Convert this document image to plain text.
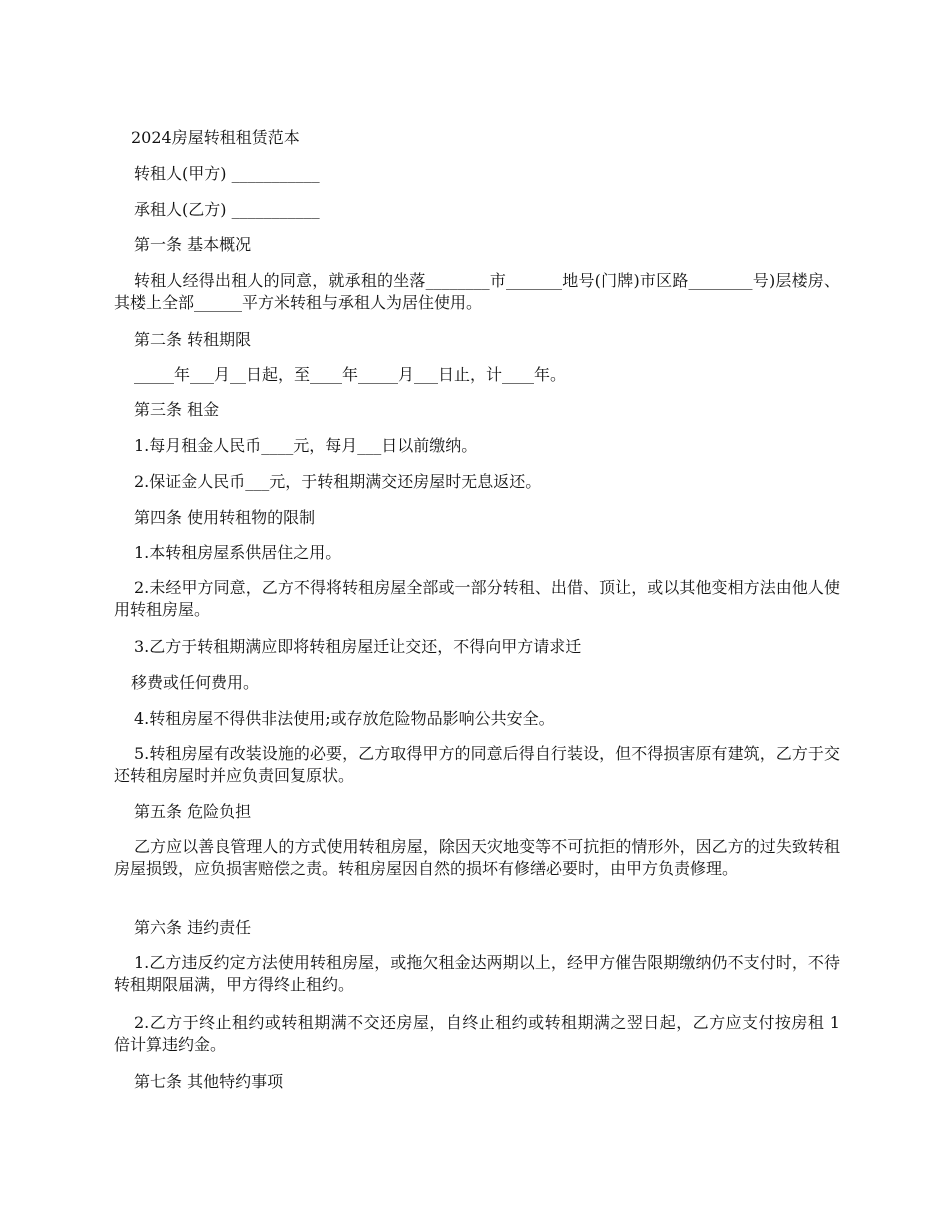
2024房屋转租租赁范本

转租人(甲方) ___________

承租人(乙方) ___________

第一条 基本概况

转租人经得出租人的同意，就承租的坐落________市_______地号(门牌)市区路________号)层楼房、其楼上全部______平方米转租与承租人为居住使用。

第二条 转租期限

_____年___月__日起，至____年_____月___日止，计____年。

第三条 租金

1.每月租金人民币____元，每月___日以前缴纳。

2.保证金人民币___元，于转租期满交还房屋时无息返还。

第四条 使用转租物的限制

1.本转租房屋系供居住之用。

2.未经甲方同意，乙方不得将转租房屋全部或一部分转租、出借、顶让，或以其他变相方法由他人使用转租房屋。

3.乙方于转租期满应即将转租房屋迁让交还，不得向甲方请求迁

移费或任何费用。

4.转租房屋不得供非法使用;或存放危险物品影响公共安全。

5.转租房屋有改装设施的必要，乙方取得甲方的同意后得自行装设，但不得损害原有建筑，乙方于交还转租房屋时并应负责回复原状。

第五条 危险负担

乙方应以善良管理人的方式使用转租房屋，除因天灾地变等不可抗拒的情形外，因乙方的过失致转租房屋损毁，应负损害赔偿之责。转租房屋因自然的损坏有修缮必要时，由甲方负责修理。

第六条 违约责任

1.乙方违反约定方法使用转租房屋，或拖欠租金达两期以上，经甲方催告限期缴纳仍不支付时，不待转租期限届满，甲方得终止租约。

2.乙方于终止租约或转租期满不交还房屋，自终止租约或转租期满之翌日起，乙方应支付按房租 1 倍计算违约金。

第七条 其他特约事项
